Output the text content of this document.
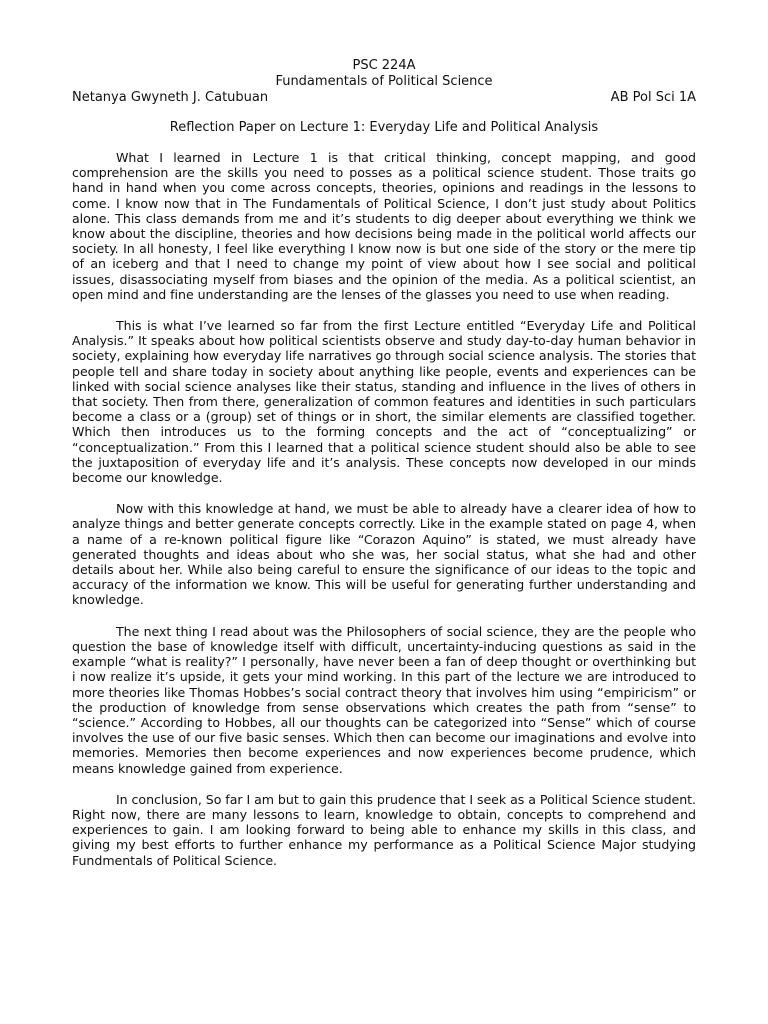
PSC 224A

Fundamentals of Political Science

Netanya Gwyneth J. Catubuan	AB Pol Sci 1A

Reflection Paper on Lecture 1: Everyday Life and Political Analysis

What I learned in Lecture 1 is that critical thinking, concept mapping, and good comprehension are the skills you need to posses as a political science student. Those traits go hand in hand when you come across concepts, theories, opinions and readings in the lessons to come. I know now that in The Fundamentals of Political Science, I don’t just study about Politics alone. This class demands from me and it’s students to dig deeper about everything we think we know about the discipline, theories and how decisions being made in the political world affects our society. In all honesty, I feel like everything I know now is but one side of the story or the mere tip of an iceberg and that I need to change my point of view about how I see social and political issues, disassociating myself from biases and the opinion of the media. As a political scientist, an open mind and fine understanding are the lenses of the glasses you need to use when reading.

This is what I’ve learned so far from the first Lecture entitled “Everyday Life and Political Analysis.” It speaks about how political scientists observe and study day-to-day human behavior in society, explaining how everyday life narratives go through social science analysis. The stories that people tell and share today in society about anything like people, events and experiences can be linked with social science analyses like their status, standing and influence in the lives of others in that society. Then from there, generalization of common features and identities in such particulars become a class or a (group) set of things or in short, the similar elements are classified together. Which then introduces us to the forming concepts and the act of “conceptualizing” or “conceptualization.” From this I learned that a political science student should also be able to see the juxtaposition of everyday life and it’s analysis. These concepts now developed in our minds become our knowledge.

Now with this knowledge at hand, we must be able to already have a clearer idea of how to analyze things and better generate concepts correctly. Like in the example stated on page 4, when a name of a re-known political figure like “Corazon Aquino” is stated, we must already have generated thoughts and ideas about who she was, her social status, what she had and other details about her. While also being careful to ensure the significance of our ideas to the topic and accuracy of the information we know. This will be useful for generating further understanding and knowledge.

The next thing I read about was the Philosophers of social science, they are the people who question the base of knowledge itself with difficult, uncertainty-inducing questions as said in the example “what is reality?” I personally, have never been a fan of deep thought or overthinking but i now realize it’s upside, it gets your mind working. In this part of the lecture we are introduced to more theories like Thomas Hobbes’s social contract theory that involves him using “empiricism” or the production of knowledge from sense observations which creates the path from “sense” to “science.” According to Hobbes, all our thoughts can be categorized into “Sense” which of course involves the use of our five basic senses. Which then can become our imaginations and evolve into memories. Memories then become experiences and now experiences become prudence, which means knowledge gained from experience.

In conclusion, So far I am but to gain this prudence that I seek as a Political Science student. Right now, there are many lessons to learn, knowledge to obtain, concepts to comprehend and experiences to gain. I am looking forward to being able to enhance my skills in this class, and giving my best efforts to further enhance my performance as a Political Science Major studying Fundmentals of Political Science.
